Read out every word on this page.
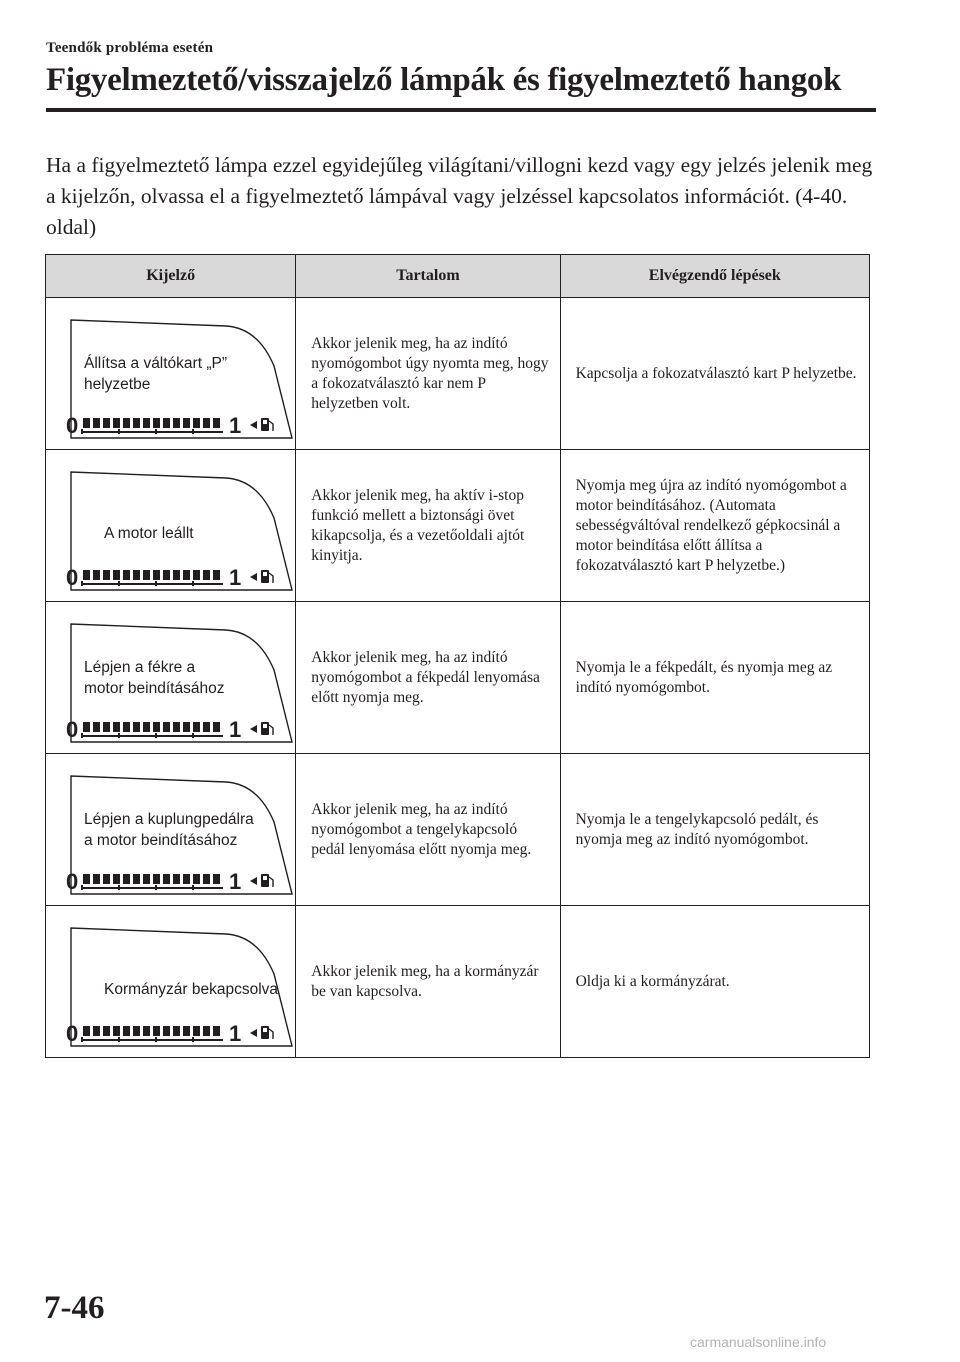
Teendők probléma esetén
Figyelmeztető/visszajelző lámpák és figyelmeztető hangok

Ha a figyelmeztető lámpa ezzel egyidejűleg világítani/villogni kezd vagy egy jelzés jelenik meg a kijelzőn, olvassa el a figyelmeztető lámpával vagy jelzéssel kapcsolatos információt. (4-40. oldal)

Kijelző	Tartalom	Elvégzendő lépések

Állítsa a váltókart „P”
helyzetbe
0 1	Akkor jelenik meg, ha az indító nyomógombot úgy nyomta meg, hogy a fokozatválasztó kar nem P helyzetben volt.	Kapcsolja a fokozatválasztó kart P helyzetbe.

A motor leállt
0 1	Akkor jelenik meg, ha aktív i-stop funkció mellett a biztonsági övet kikapcsolja, és a vezetőoldali ajtót kinyitja.	Nyomja meg újra az indító nyomógombot a motor beindításához. (Automata sebességváltóval rendelkező gépkocsinál a motor beindítása előtt állítsa a fokozatválasztó kart P helyzetbe.)

Lépjen a fékre a
motor beindításához
0 1	Akkor jelenik meg, ha az indító nyomógombot a fékpedál lenyomása előtt nyomja meg.	Nyomja le a fékpedált, és nyomja meg az indító nyomógombot.

Lépjen a kuplungpedálra
a motor beindításához
0 1	Akkor jelenik meg, ha az indító nyomógombot a tengelykapcsoló pedál lenyomása előtt nyomja meg.	Nyomja le a tengelykapcsoló pedált, és nyomja meg az indító nyomógombot.

Kormányzár bekapcsolva
0 1	Akkor jelenik meg, ha a kormányzár be van kapcsolva.	Oldja ki a kormányzárat.
7-46
carmanualsonline.info
